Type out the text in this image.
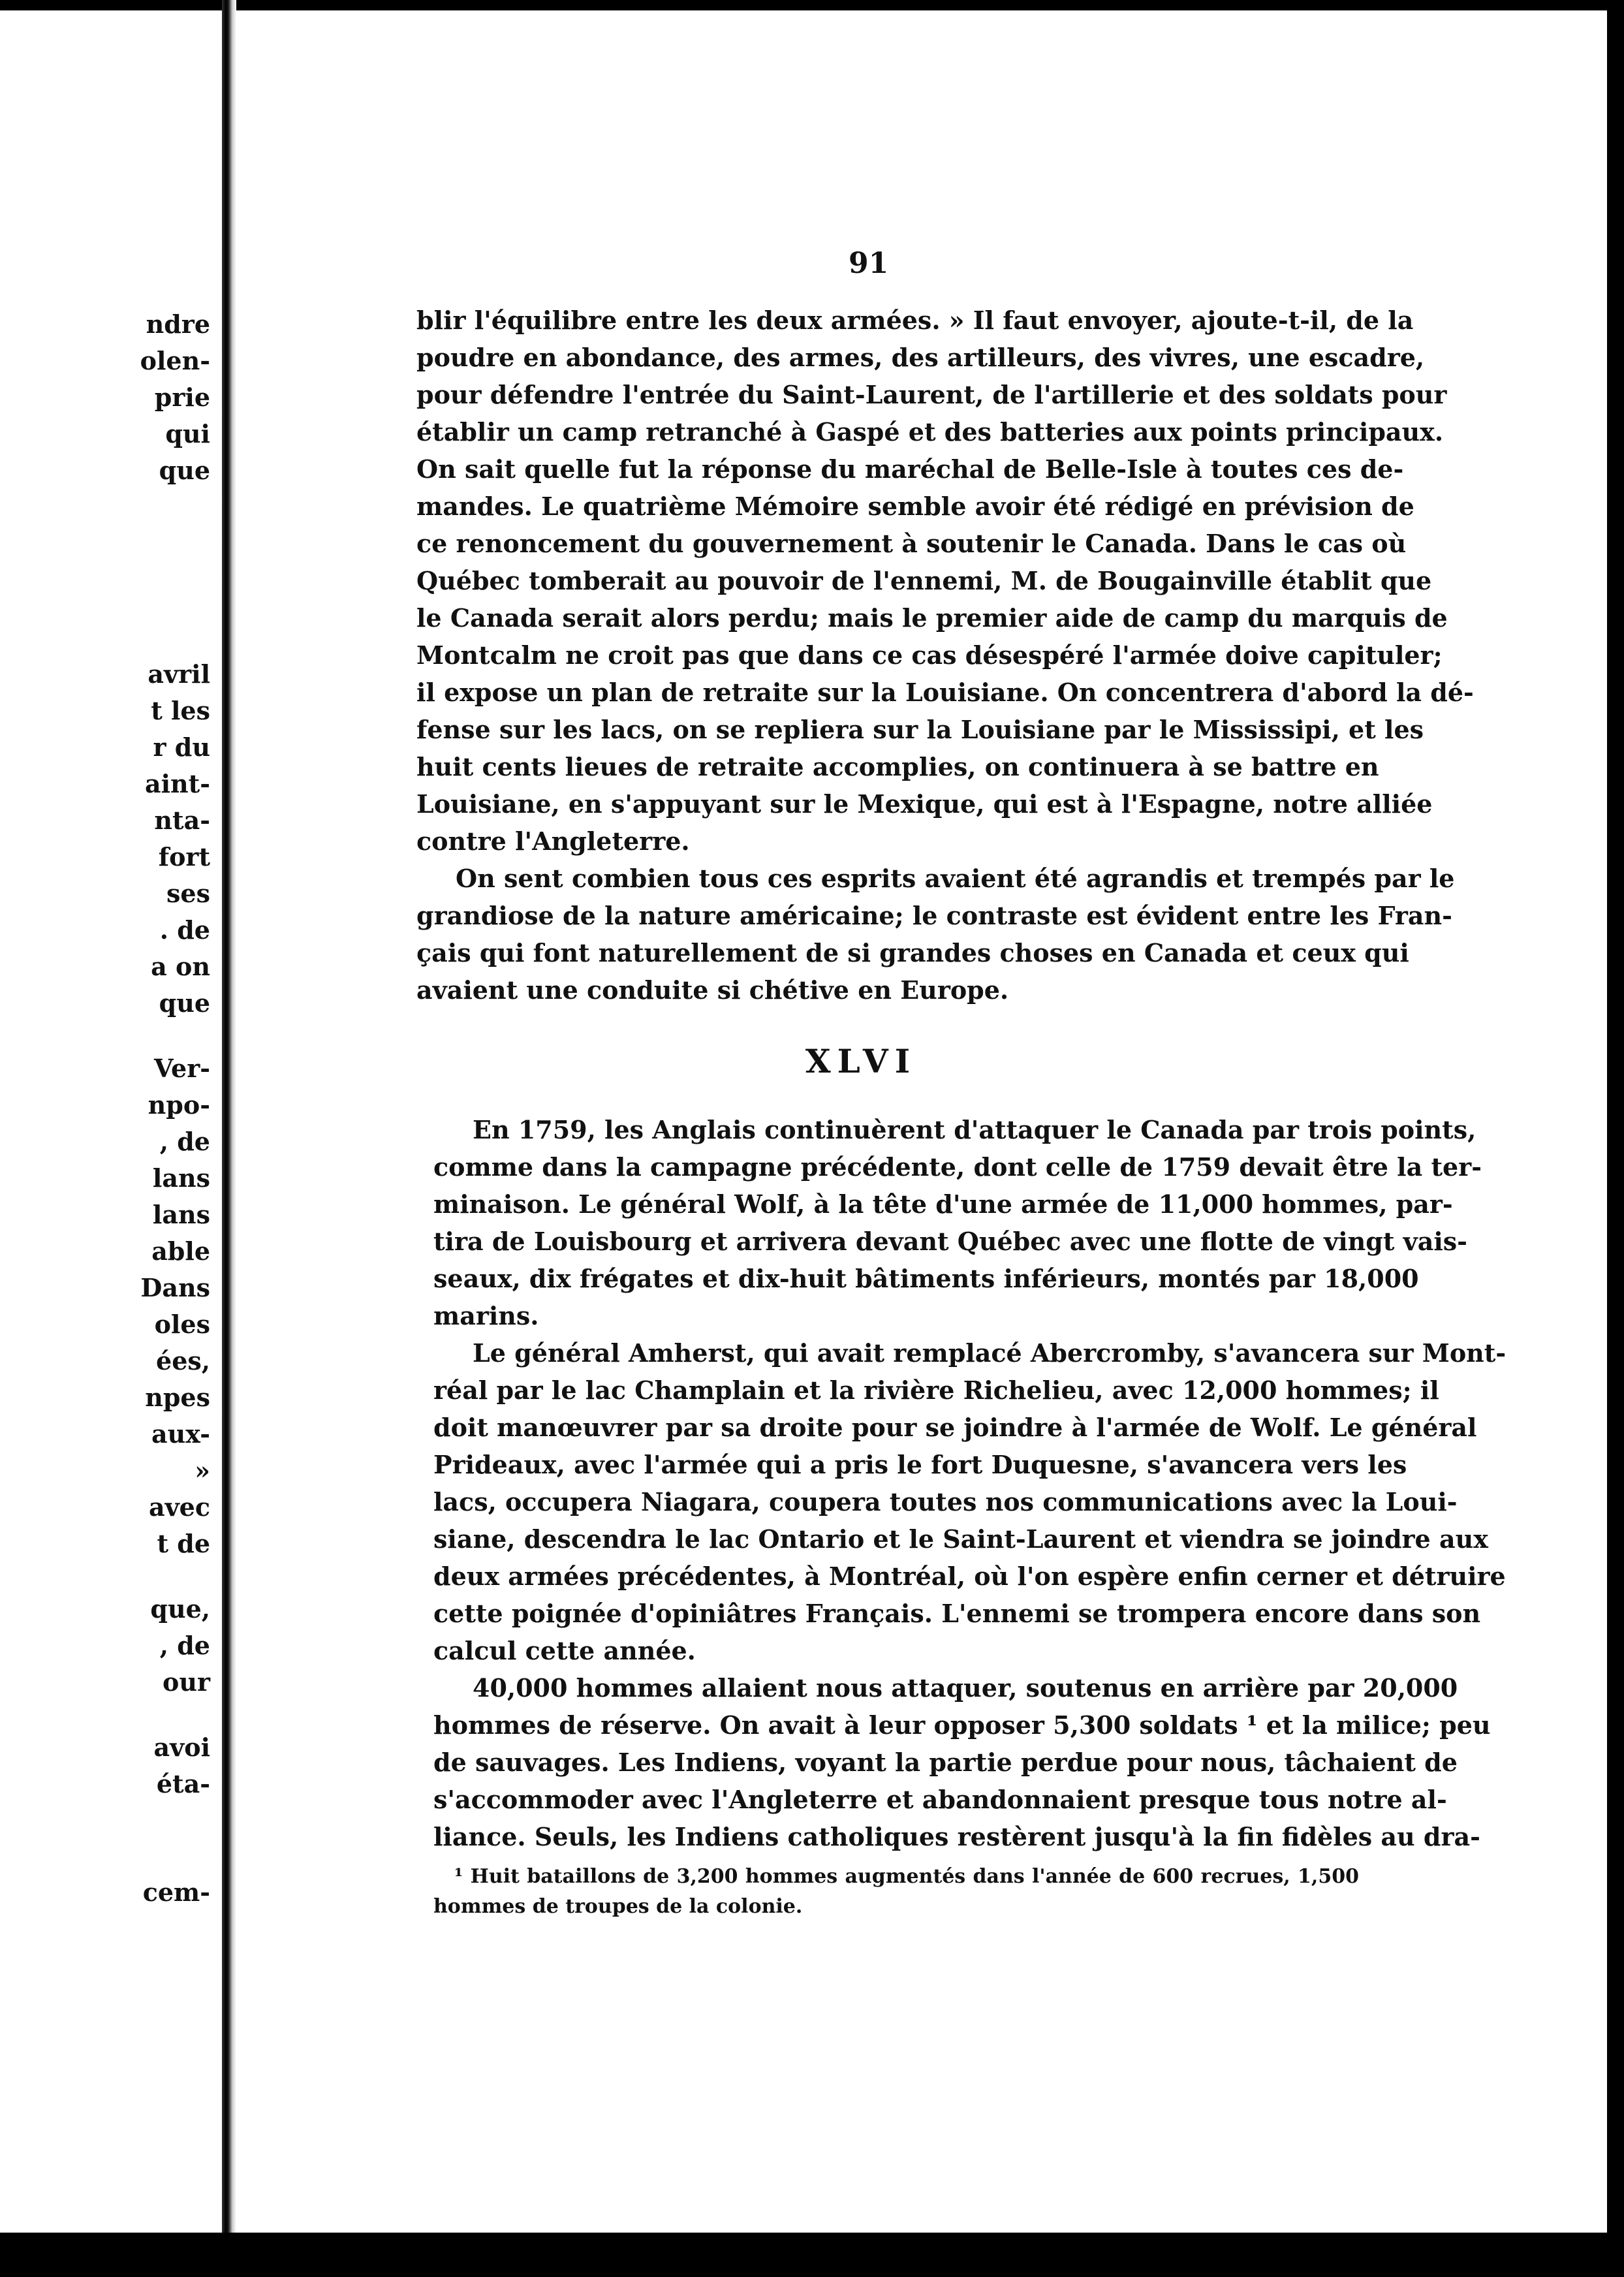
ndre
olen-
prie
qui
que
avril
t les
r du
aint-
nta-
fort
ses
. de
a on
que
Ver-
npo-
, de
lans
lans
able
Dans
oles
ées,
npes
aux-
»
avec
t de
que,
, de
our
avoi
éta-
cem-
91
blir l'équilibre entre les deux armées. » Il faut envoyer, ajoute-t-il, de la
poudre en abondance, des armes, des artilleurs, des vivres, une escadre,
pour défendre l'entrée du Saint-Laurent, de l'artillerie et des soldats pour
établir un camp retranché à Gaspé et des batteries aux points principaux.
On sait quelle fut la réponse du maréchal de Belle-Isle à toutes ces de-
mandes. Le quatrième Mémoire semble avoir été rédigé en prévision de
ce renoncement du gouvernement à soutenir le Canada. Dans le cas où
Québec tomberait au pouvoir de l'ennemi, M. de Bougainville établit que
le Canada serait alors perdu; mais le premier aide de camp du marquis de
Montcalm ne croit pas que dans ce cas désespéré l'armée doive capituler;
il expose un plan de retraite sur la Louisiane. On concentrera d'abord la dé-
fense sur les lacs, on se repliera sur la Louisiane par le Mississipi, et les
huit cents lieues de retraite accomplies, on continuera à se battre en
Louisiane, en s'appuyant sur le Mexique, qui est à l'Espagne, notre alliée
contre l'Angleterre.
On sent combien tous ces esprits avaient été agrandis et trempés par le
grandiose de la nature américaine; le contraste est évident entre les Fran-
çais qui font naturellement de si grandes choses en Canada et ceux qui
avaient une conduite si chétive en Europe.
XLVI
En 1759, les Anglais continuèrent d'attaquer le Canada par trois points,
comme dans la campagne précédente, dont celle de 1759 devait être la ter-
minaison. Le général Wolf, à la tête d'une armée de 11,000 hommes, par-
tira de Louisbourg et arrivera devant Québec avec une flotte de vingt vais-
seaux, dix frégates et dix-huit bâtiments inférieurs, montés par 18,000
marins.
Le général Amherst, qui avait remplacé Abercromby, s'avancera sur Mont-
réal par le lac Champlain et la rivière Richelieu, avec 12,000 hommes; il
doit manœuvrer par sa droite pour se joindre à l'armée de Wolf. Le général
Prideaux, avec l'armée qui a pris le fort Duquesne, s'avancera vers les
lacs, occupera Niagara, coupera toutes nos communications avec la Loui-
siane, descendra le lac Ontario et le Saint-Laurent et viendra se joindre aux
deux armées précédentes, à Montréal, où l'on espère enfin cerner et détruire
cette poignée d'opiniâtres Français. L'ennemi se trompera encore dans son
calcul cette année.
40,000 hommes allaient nous attaquer, soutenus en arrière par 20,000
hommes de réserve. On avait à leur opposer 5,300 soldats ¹ et la milice; peu
de sauvages. Les Indiens, voyant la partie perdue pour nous, tâchaient de
s'accommoder avec l'Angleterre et abandonnaient presque tous notre al-
liance. Seuls, les Indiens catholiques restèrent jusqu'à la fin fidèles au dra-
¹ Huit bataillons de 3,200 hommes augmentés dans l'année de 600 recrues, 1,500
hommes de troupes de la colonie.
